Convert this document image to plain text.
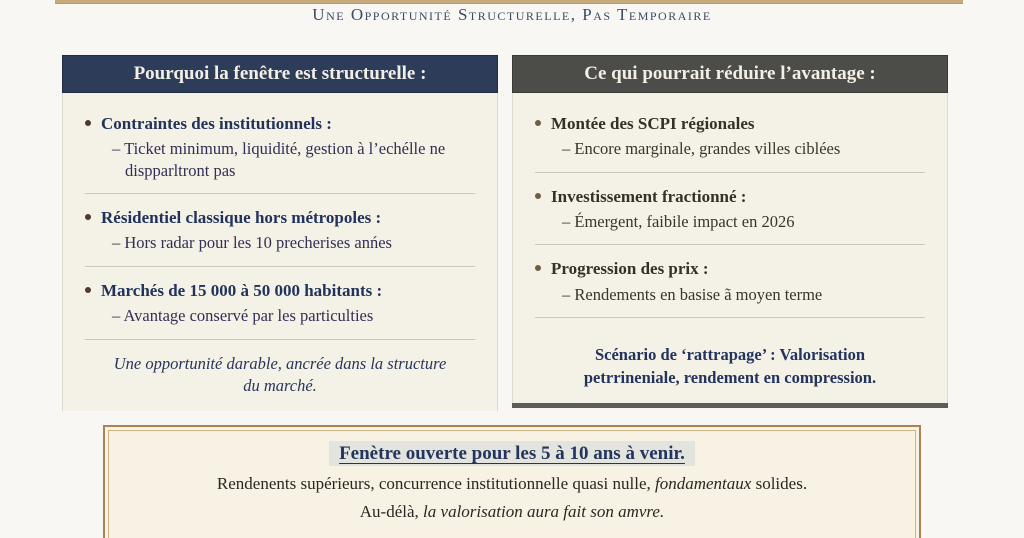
Une Opportunité Structurelle, Pas Temporaire
Pourquoi la fenêtre est structurelle :
Contraintes des institutionnels :
– Ticket minimum, liquidité, gestion à l’echélle ne dispparltront pas
Résidentiel classique hors métropoles :
– Hors radar pour les 10 precherises anńes
Marchés de 15 000 à 50 000 habitants :
– Avantage conservé par les particulties
Une opportunité darable, ancrée dans la structure du marché.
Ce qui pourrait réduire l’avantage :
Montée des SCPI régionales
– Encore marginale, grandes villes ciblées
Investissement fractionné :
– Émergent, faibile impact en 2026
Progression des prix :
– Rendements en basise ã moyen terme
Scénario de ‘rattrapage’ : Valorisation petrrineniale, rendement en compression.
Fenètre ouverte pour les 5 à 10 ans à venir.

Rendenents supérieurs, concurrence institutionnelle quasi nulle, fondamentaux solides.

Au-délà, la valorisation aura fait son amvre.
